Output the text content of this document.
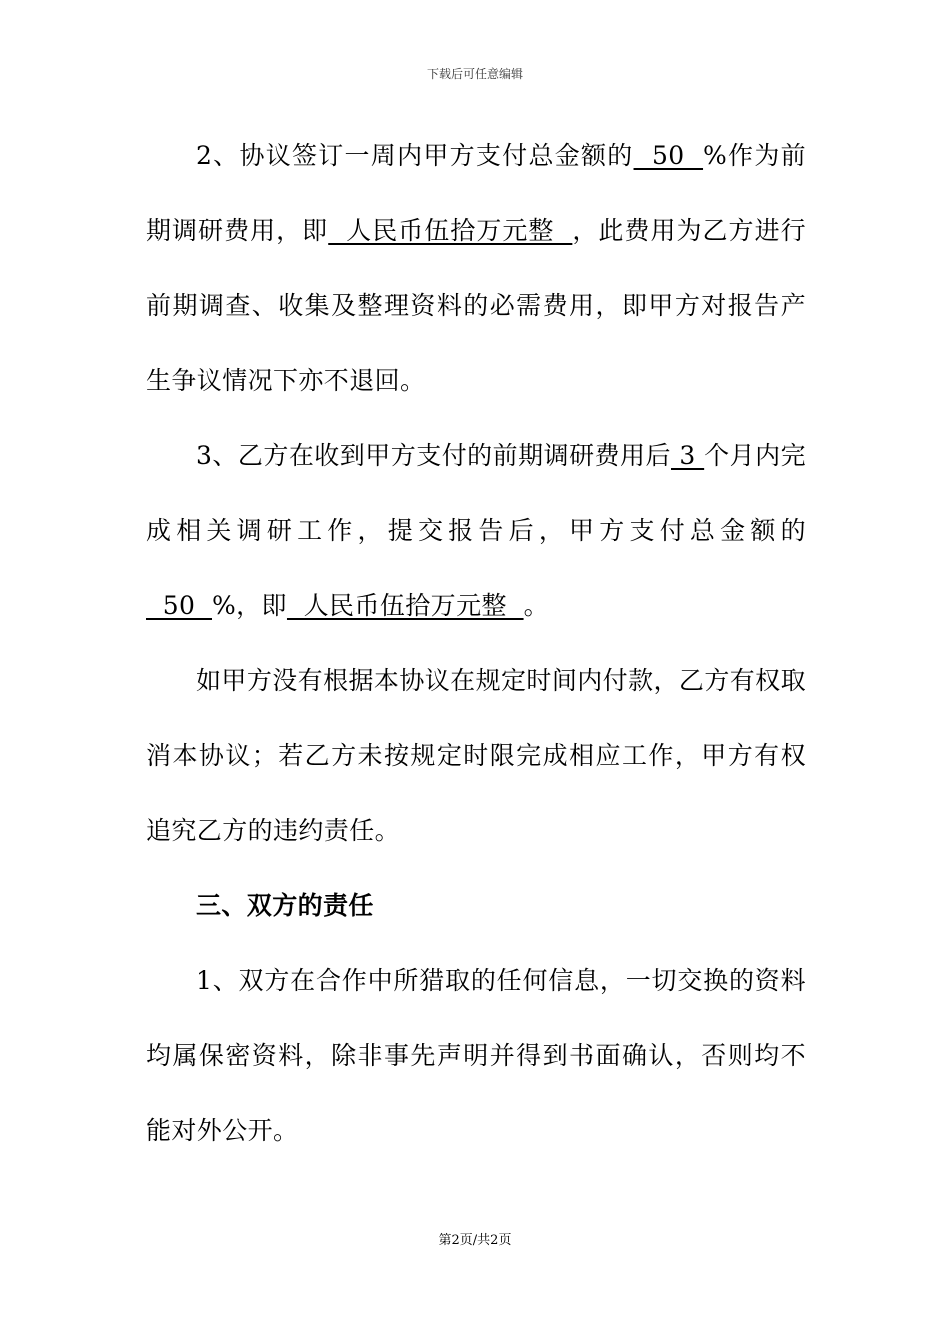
下载后可任意编辑

2、协议签订一周内甲方支付总金额的  50  %作为前期调研费用，即  人民币伍拾万元整  ，此费用为乙方进行前期调查、收集及整理资料的必需费用，即甲方对报告产生争议情况下亦不退回。

3、乙方在收到甲方支付的前期调研费用后 3 个月内完成相关调研工作，提交报告后，甲方支付总金额的  50  %，即  人民币伍拾万元整  。

如甲方没有根据本协议在规定时间内付款，乙方有权取消本协议；若乙方未按规定时限完成相应工作，甲方有权追究乙方的违约责任。

三、双方的责任

1、双方在合作中所猎取的任何信息，一切交换的资料均属保密资料，除非事先声明并得到书面确认，否则均不能对外公开。

第2页/共2页
